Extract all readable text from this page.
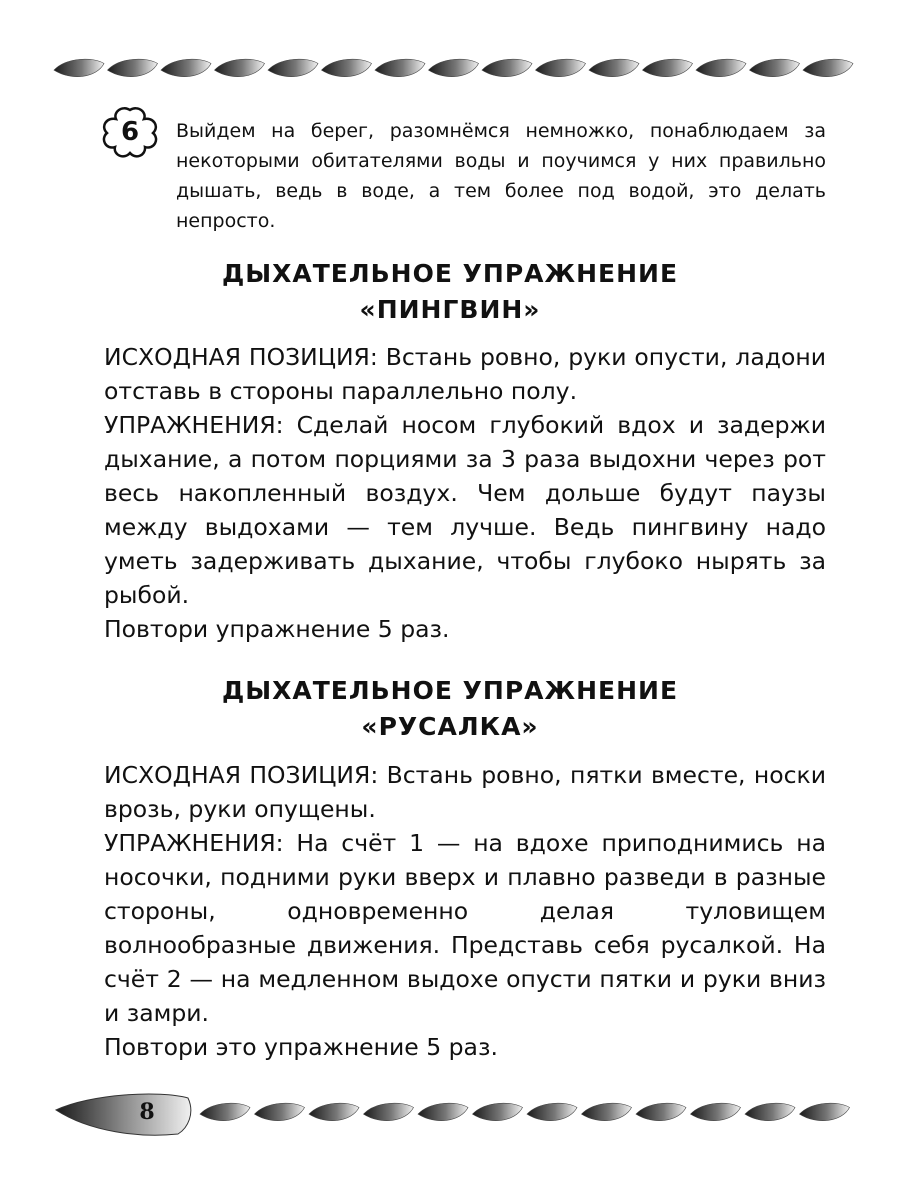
6	Выйдем на берег, разомнёмся немножко, понаблюдаем за некоторыми обитателями воды и поучимся у них правильно дышать, ведь в воде, а тем более под водой, это делать непросто.
ДЫХАТЕЛЬНОЕ УПРАЖНЕНИЕ
«ПИНГВИН»

ИСХОДНАЯ ПОЗИЦИЯ: Встань ровно, руки опусти, ладони отставь в стороны параллельно полу.

УПРАЖНЕНИЯ: Сделай носом глубокий вдох и задержи дыхание, а потом порциями за 3 раза выдохни через рот весь накопленный воздух. Чем дольше будут паузы между выдохами — тем лучше. Ведь пингвину надо уметь задерживать дыхание, чтобы глубоко нырять за рыбой.

Повтори упражнение 5 раз.

ДЫХАТЕЛЬНОЕ УПРАЖНЕНИЕ
«РУСАЛКА»

ИСХОДНАЯ ПОЗИЦИЯ: Встань ровно, пятки вместе, носки врозь, руки опущены.

УПРАЖНЕНИЯ: На счёт 1 — на вдохе приподнимись на носочки, подними руки вверх и плавно разведи в разные стороны, одновременно делая туловищем волнообразные движения. Представь себя русалкой. На счёт 2 — на медленном выдохе опусти пятки и руки вниз и замри.

Повтори это упражнение 5 раз.

8
